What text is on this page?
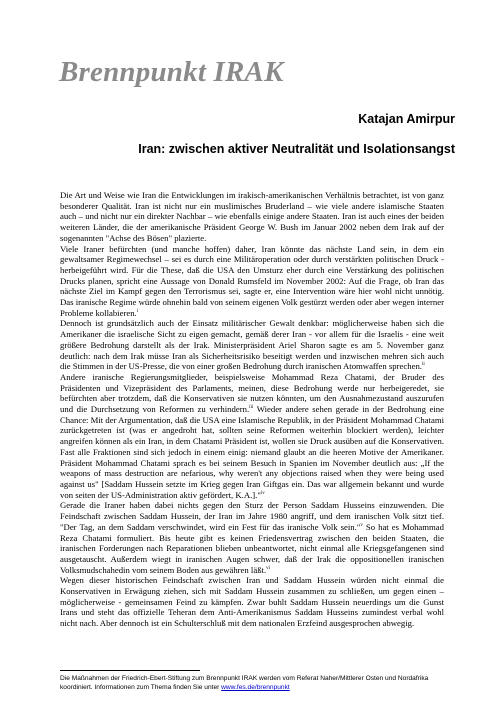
Brennpunkt IRAK
Katajan Amirpur
Iran: zwischen aktiver Neutralität und Isolationsangst

Die Art und Weise wie Iran die Entwicklungen im irakisch-amerikanischen Verhältnis betrachtet, ist von ganz besonderer Qualität. Iran ist nicht nur ein muslimisches Bruderland – wie viele andere islamische Staaten auch – und nicht nur ein direkter Nachbar – wie ebenfalls einige andere Staaten. Iran ist auch eines der beiden weiteren Länder, die der amerikanische Präsident George W. Bush im Januar 2002 neben dem Irak auf der sogenannten "Achse des Bösen" plazierte.

Viele Iraner befürchten (und manche hoffen) daher, Iran könnte das nächste Land sein, in dem ein gewaltsamer Regimewechsel – sei es durch eine Militäroperation oder durch verstärkten politischen Druck - herbeigeführt wird. Für die These, daß die USA den Umsturz eher durch eine Verstärkung des politischen Drucks planen, spricht eine Aussage von Donald Rumsfeld im November 2002: Auf die Frage, ob Iran das nächste Ziel im Kampf gegen den Terrorismus sei, sagte er, eine Intervention wäre hier wohl nicht unnötig. Das iranische Regime würde ohnehin bald von seinem eigenen Volk gestürzt werden oder aber wegen interner Probleme kollabieren.$^i$

Dennoch ist grundsätzlich auch der Einsatz militärischer Gewalt denkbar: möglicherweise haben sich die Amerikaner die israelische Sicht zu eigen gemacht, gemäß derer Iran - vor allem für die Israelis - eine weit größere Bedrohung darstellt als der Irak. Ministerpräsident Ariel Sharon sagte es am 5. November ganz deutlich: nach dem Irak müsse Iran als Sicherheitsrisiko beseitigt werden und inzwischen mehren sich auch die Stimmen in der US-Presse, die von einer großen Bedrohung durch iranischen Atomwaffen sprechen.$^{ii}$

Andere iranische Regierungsmitglieder, beispielsweise Mohammad Reza Chatami, der Bruder des Präsidenten und Vizepräsident des Parlaments, meinen, diese Bedrohung werde nur herbeigeredet, sie befürchten aber trotzdem, daß die Konservativen sie nutzen könnten, um den Ausnahmezustand auszurufen und die Durchsetzung von Reformen zu verhindern.$^{iii}$ Wieder andere sehen gerade in der Bedrohung eine Chance: Mit der Argumentation, daß die USA eine Islamische Republik, in der Präsident Mohammad Chatami zurückgetreten ist (was er angedroht hat, sollten seine Reformen weiterhin blockiert werden), leichter angreifen können als ein Iran, in dem Chatami Präsident ist, wollen sie Druck ausüben auf die Konservativen. Fast alle Fraktionen sind sich jedoch in einem einig: niemand glaubt an die heeren Motive der Amerikaner. Präsident Mohammad Chatami sprach es bei seinem Besuch in Spanien im November deutlich aus: „If the weapons of mass destruction are nefarious, why weren't any objections raised when they were being used against us" [Saddam Hussein setzte im Krieg gegen Iran Giftgas ein. Das war allgemein bekannt und wurde von seiten der US-Administration aktiv gefördert, K.A.]."$^{iv}$

Gerade die Iraner haben dabei nichts gegen den Sturz der Person Saddam Husseins einzuwenden. Die Feindschaft zwischen Saddam Hussein, der Iran im Jahre 1980 angriff, und dem iranischen Volk sitzt tief. "Der Tag, an dem Saddam verschwindet, wird ein Fest für das iranische Volk sein."$^v$ So hat es Mohammad Reza Chatami formuliert. Bis heute gibt es keinen Friedensvertrag zwischen den beiden Staaten, die iranischen Forderungen nach Reparationen blieben unbeantwortet, nicht einmal alle Kriegsgefangenen sind ausgetauscht. Außerdem wiegt in iranischen Augen schwer, daß der Irak die oppositionellen iranischen Volksmudschahedin vom seinem Boden aus gewähren läßt.$^{vi}$

Wegen dieser historischen Feindschaft zwischen Iran und Saddam Hussein würden nicht einmal die Konservativen in Erwägung ziehen, sich mit Saddam Hussein zusammen zu schließen, um gegen einen – möglicherweise - gemeinsamen Feind zu kämpfen. Zwar buhlt Saddam Hussein neuerdings um die Gunst Irans und steht das offizielle Teheran dem Anti-Amerikanismus Saddam Husseins zumindest verbal wohl nicht nach. Aber dennoch ist ein Schulterschluß mit dem nationalen Erzfeind ausgesprochen abwegig.

Die Maßnahmen der Friedrich-Ebert-Stiftung zum Brennpunkt IRAK werden vom Referat Naher/Mittlerer Osten und Nordafrika koordiniert. Informationen zum Thema finden Sie unter www.fes.de/brennpunkt
